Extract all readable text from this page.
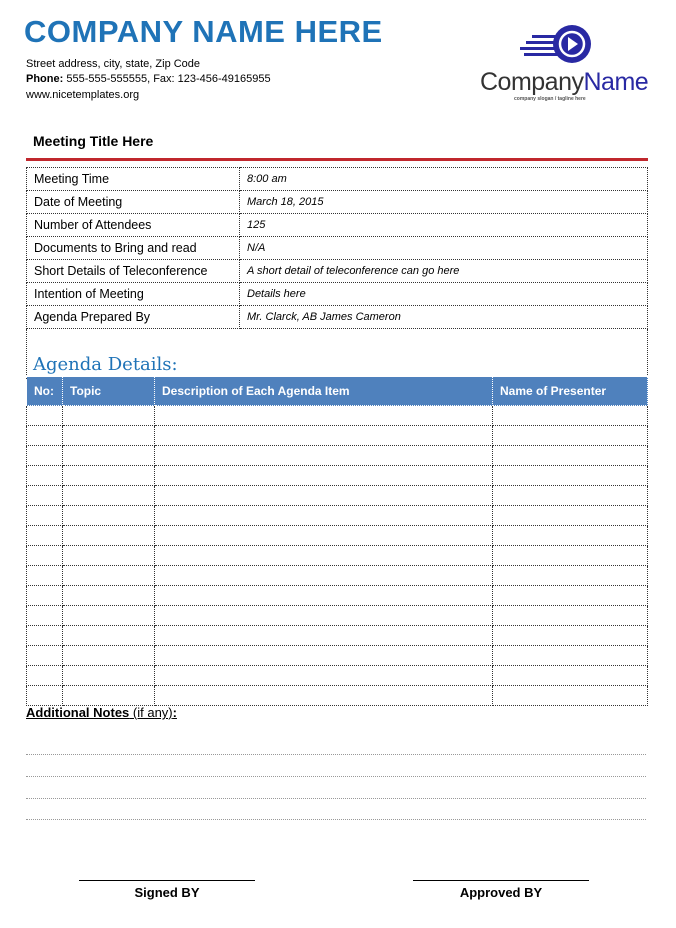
COMPANY NAME HERE
Street address, city, state, Zip Code
Phone: 555-555-555555, Fax: 123-456-49165955
www.nicetemplates.org	CompanyName
company slogan / tagline here
Meeting Title Here
Meeting Time	8:00 am
Date of Meeting	March 18, 2015
Number of Attendees	125
Documents to Bring and read	N/A
Short Details of Teleconference	A short detail of teleconference can go here
Intention of Meeting	Details here
Agenda Prepared By	Mr. Clarck, AB James Cameron

Agenda Details:
No:	Topic	Description of Each Agenda Item	Name of Presenter

Additional Notes (if any):
Signed BY	Approved BY
